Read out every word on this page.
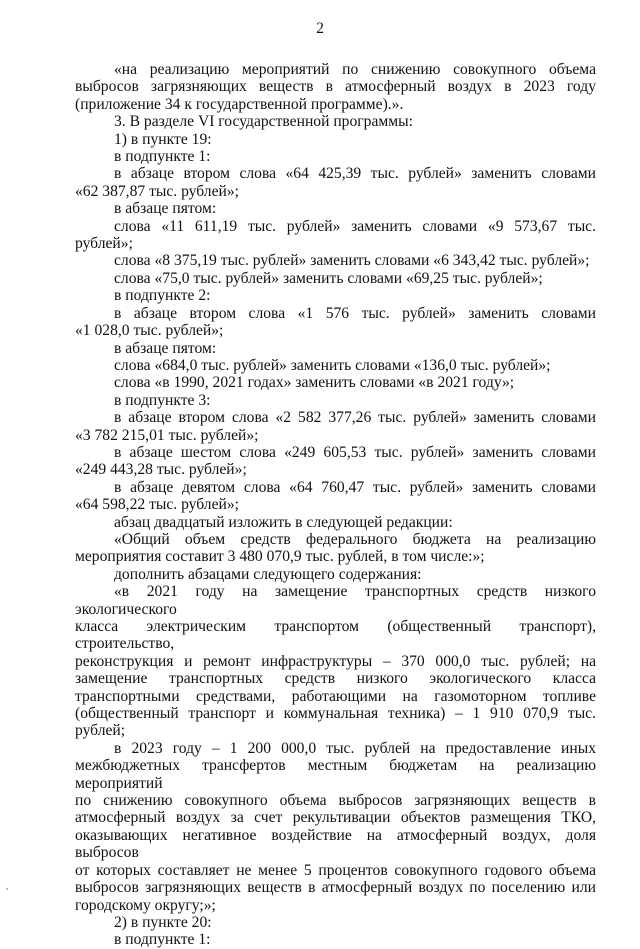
2
«на реализацию мероприятий по снижению совокупного объема
выбросов загрязняющих веществ в атмосферный воздух в 2023 году
(приложение 34 к государственной программе).».
3. В разделе VI государственной программы:
1) в пункте 19:
в подпункте 1:
в абзаце втором слова «64 425,39 тыс. рублей» заменить словами
«62 387,87 тыс. рублей»;
в абзаце пятом:
слова «11 611,19 тыс. рублей» заменить словами «9 573,67 тыс. рублей»;
слова «8 375,19 тыс. рублей» заменить словами «6 343,42 тыс. рублей»;
слова «75,0 тыс. рублей» заменить словами «69,25 тыс. рублей»;
в подпункте 2:
в абзаце втором слова «1 576 тыс. рублей» заменить словами
«1 028,0 тыс. рублей»;
в абзаце пятом:
слова «684,0 тыс. рублей» заменить словами «136,0 тыс. рублей»;
слова «в 1990, 2021 годах» заменить словами «в 2021 году»;
в подпункте 3:
в абзаце втором слова «2 582 377,26 тыс. рублей» заменить словами
«3 782 215,01 тыс. рублей»;
в абзаце шестом слова «249 605,53 тыс. рублей» заменить словами
«249 443,28 тыс. рублей»;
в абзаце девятом слова «64 760,47 тыс. рублей» заменить словами
«64 598,22 тыс. рублей»;
абзац двадцатый изложить в следующей редакции:
«Общий объем средств федерального бюджета на реализацию
мероприятия составит 3 480 070,9 тыс. рублей, в том числе:»;
дополнить абзацами следующего содержания:
«в 2021 году на замещение транспортных средств низкого экологического
класса электрическим транспортом (общественный транспорт), строительство,
реконструкция и ремонт инфраструктуры – 370 000,0 тыс. рублей; на
замещение транспортных средств низкого экологического класса
транспортными средствами, работающими на газомоторном топливе
(общественный транспорт и коммунальная техника) – 1 910 070,9 тыс. рублей;
в 2023 году – 1 200 000,0 тыс. рублей на предоставление иных
межбюджетных трансфертов местным бюджетам на реализацию мероприятий
по снижению совокупного объема выбросов загрязняющих веществ в
атмосферный воздух за счет рекультивации объектов размещения ТКО,
оказывающих негативное воздействие на атмосферный воздух, доля выбросов
от которых составляет не менее 5 процентов совокупного годового объема
выбросов загрязняющих веществ в атмосферный воздух по поселению или
городскому округу;»;
2) в пункте 20:
в подпункте 1:
